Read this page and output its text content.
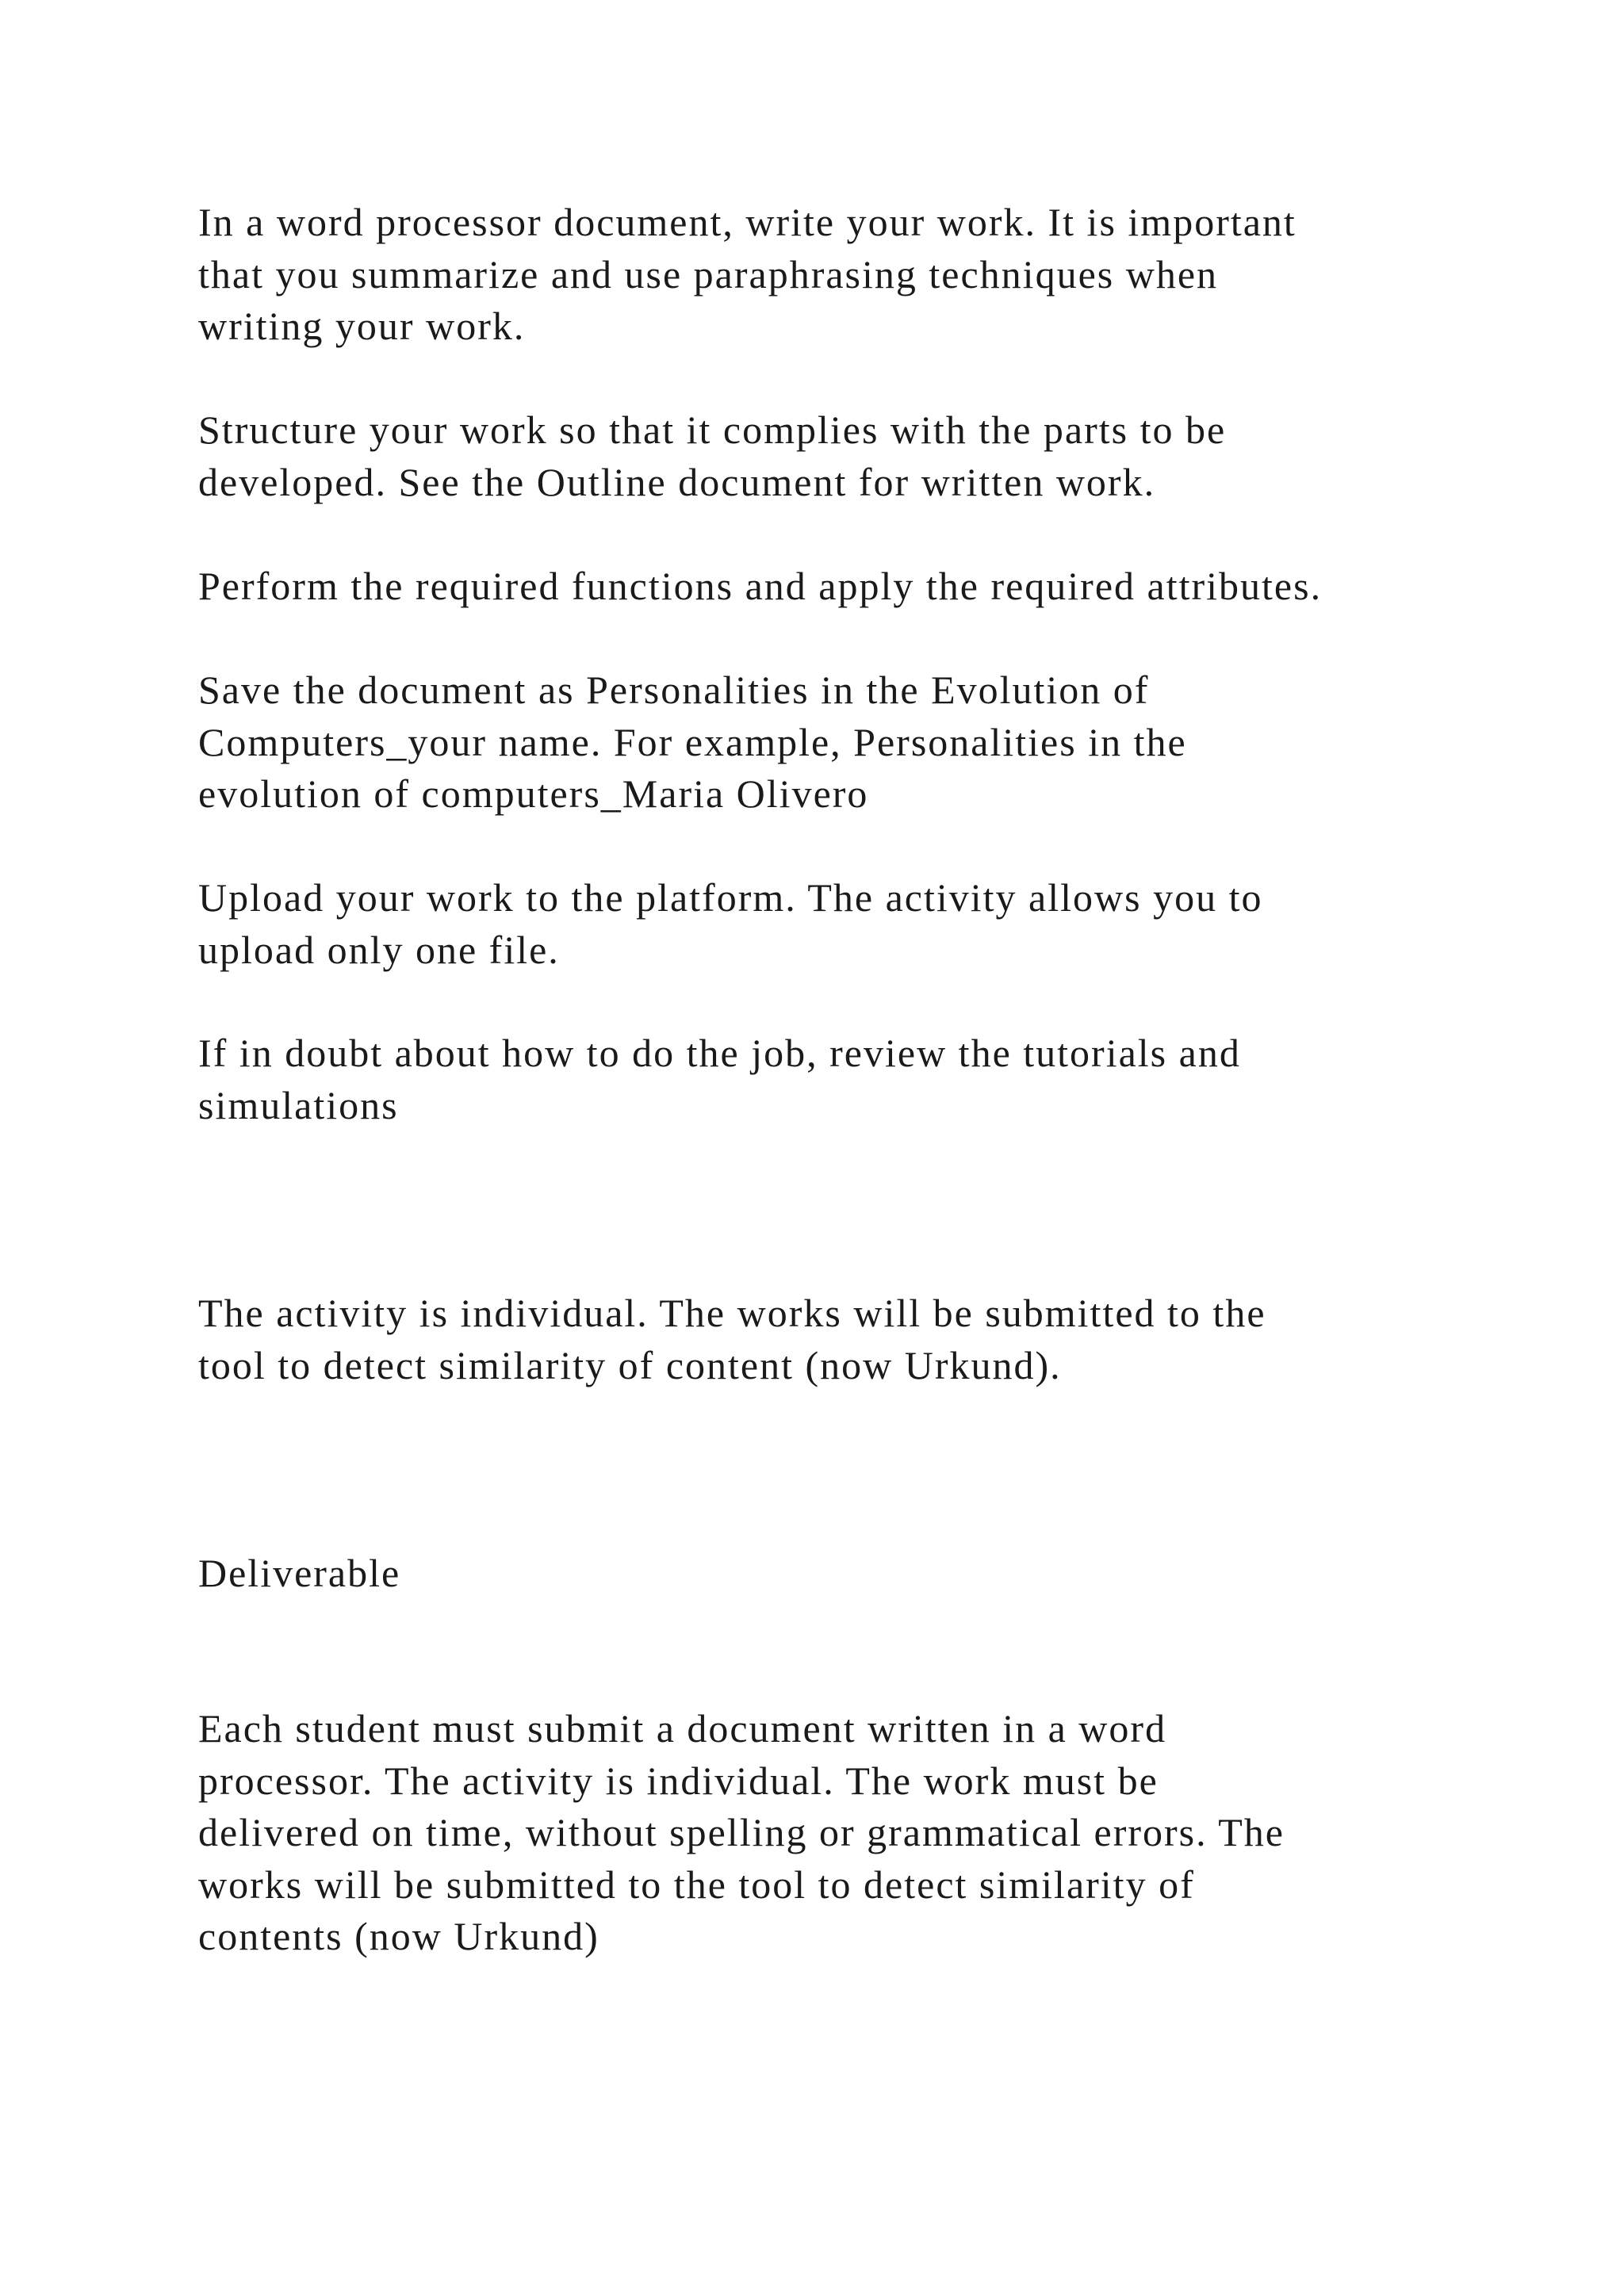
In a word processor document, write your work. It is important
that you summarize and use paraphrasing techniques when
writing your work.

Structure your work so that it complies with the parts to be
developed. See the Outline document for written work.

Perform the required functions and apply the required attributes.

Save the document as Personalities in the Evolution of
Computers_your name. For example, Personalities in the
evolution of computers_Maria Olivero

Upload your work to the platform. The activity allows you to
upload only one file.

If in doubt about how to do the job, review the tutorials and
simulations

The activity is individual. The works will be submitted to the
tool to detect similarity of content (now Urkund).

Deliverable

Each student must submit a document written in a word
processor. The activity is individual. The work must be
delivered on time, without spelling or grammatical errors. The
works will be submitted to the tool to detect similarity of
contents (now Urkund)
